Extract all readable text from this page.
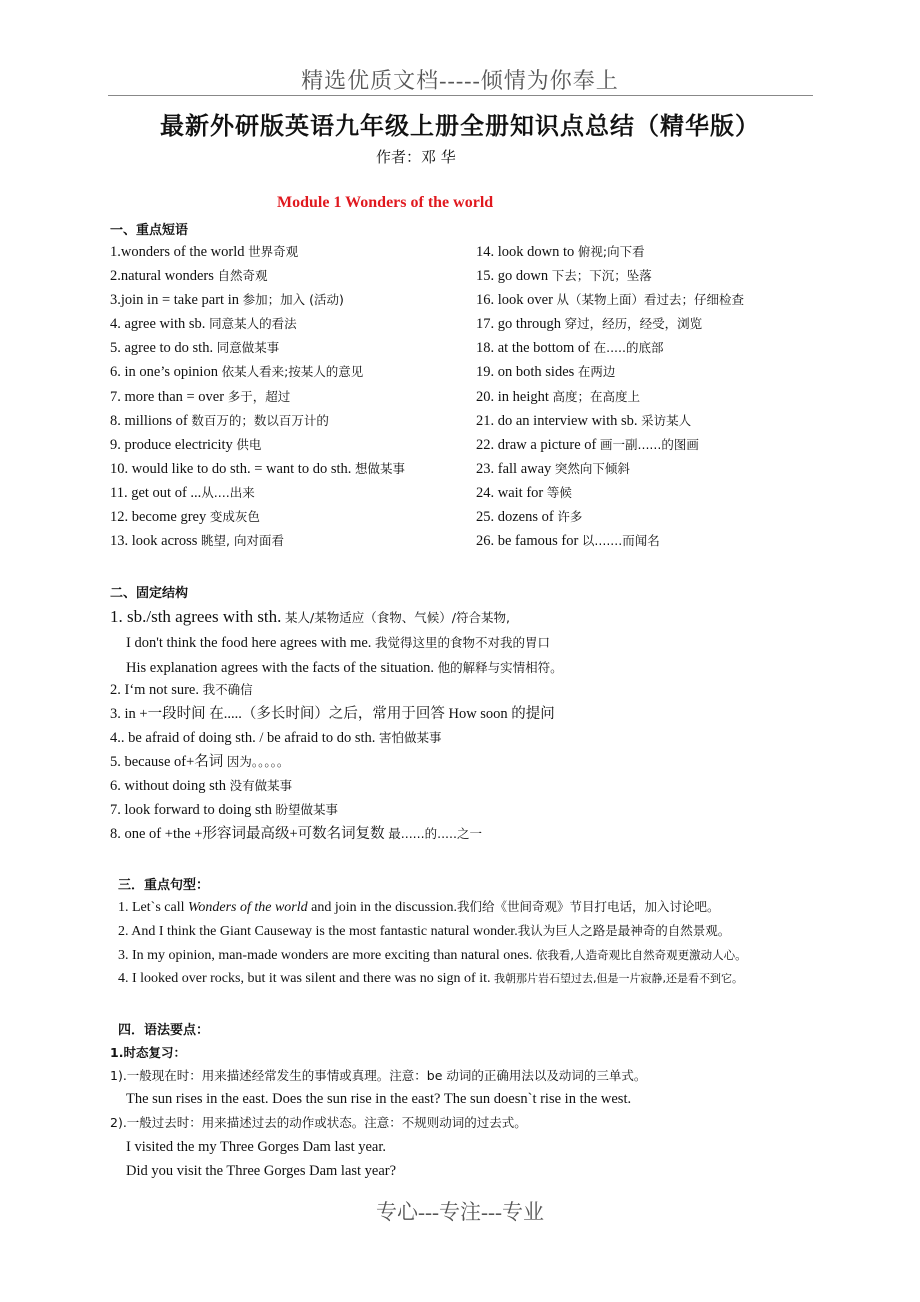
精选优质文档-----倾情为你奉上
最新外研版英语九年级上册全册知识点总结（精华版）
作者：邓 华
Module 1 Wonders of the world
一、重点短语
1.wonders of the world 世界奇观
2.natural wonders 自然奇观
3.join in = take part in 参加；加入 (活动)
4. agree with sb. 同意某人的看法
5. agree to do sth. 同意做某事
6. in one’s opinion 依某人看来;按某人的意见
7. more than = over 多于，超过
8. millions of 数百万的；数以百万计的
9. produce electricity 供电
10. would like to do sth. = want to do sth. 想做某事
11. get out of ...从....出来
12. become grey 变成灰色
13. look across 眺望, 向对面看
14. look down to 俯视;向下看
15. go down 下去；下沉；坠落
16. look over 从（某物上面）看过去；仔细检查
17. go through 穿过，经历，经受，浏览
18. at the bottom of 在.....的底部
19. on both sides 在两边
20. in height 高度；在高度上
21. do an interview with sb. 采访某人
22. draw a picture of 画一副......的图画
23. fall away 突然向下倾斜
24. wait for 等候
25. dozens of 许多
26. be famous for 以.......而闻名
二、固定结构
1. sb./sth agrees with sth. 某人/某物适应（食物、气候）/符合某物,
I don't think the food here agrees with me. 我觉得这里的食物不对我的胃口
His explanation agrees with the facts of the situation. 他的解释与实情相符。
2. I‘m not sure. 我不确信
3. in +一段时间 在.....（多长时间）之后，常用于回答 How soon 的提问
4.. be afraid of doing sth. / be afraid to do sth. 害怕做某事
5. because of+名词 因为。。。。。
6. without doing sth 没有做某事
7. look forward to doing sth 盼望做某事
8. one of +the +形容词最高级+可数名词复数 最......的.....之一
三．重点句型：
1. Let`s call Wonders of the world and join in the discussion.我们给《世间奇观》节目打电话，加入讨论吧。
2. And I think the Giant Causeway is the most fantastic natural wonder.我认为巨人之路是最神奇的自然景观。
3. In my opinion, man-made wonders are more exciting than natural ones. 依我看,人造奇观比自然奇观更激动人心。
4. I looked over rocks, but it was silent and there was no sign of it. 我朝那片岩石望过去,但是一片寂静,还是看不到它。
四．语法要点：
1.时态复习：
1).一般现在时：用来描述经常发生的事情或真理。注意：be 动词的正确用法以及动词的三单式。
The sun rises in the east. Does the sun rise in the east? The sun doesn`t rise in the west.
2).一般过去时：用来描述过去的动作或状态。注意：不规则动词的过去式。
I visited the my Three Gorges Dam last year.
Did you visit the Three Gorges Dam last year?
专心---专注---专业
